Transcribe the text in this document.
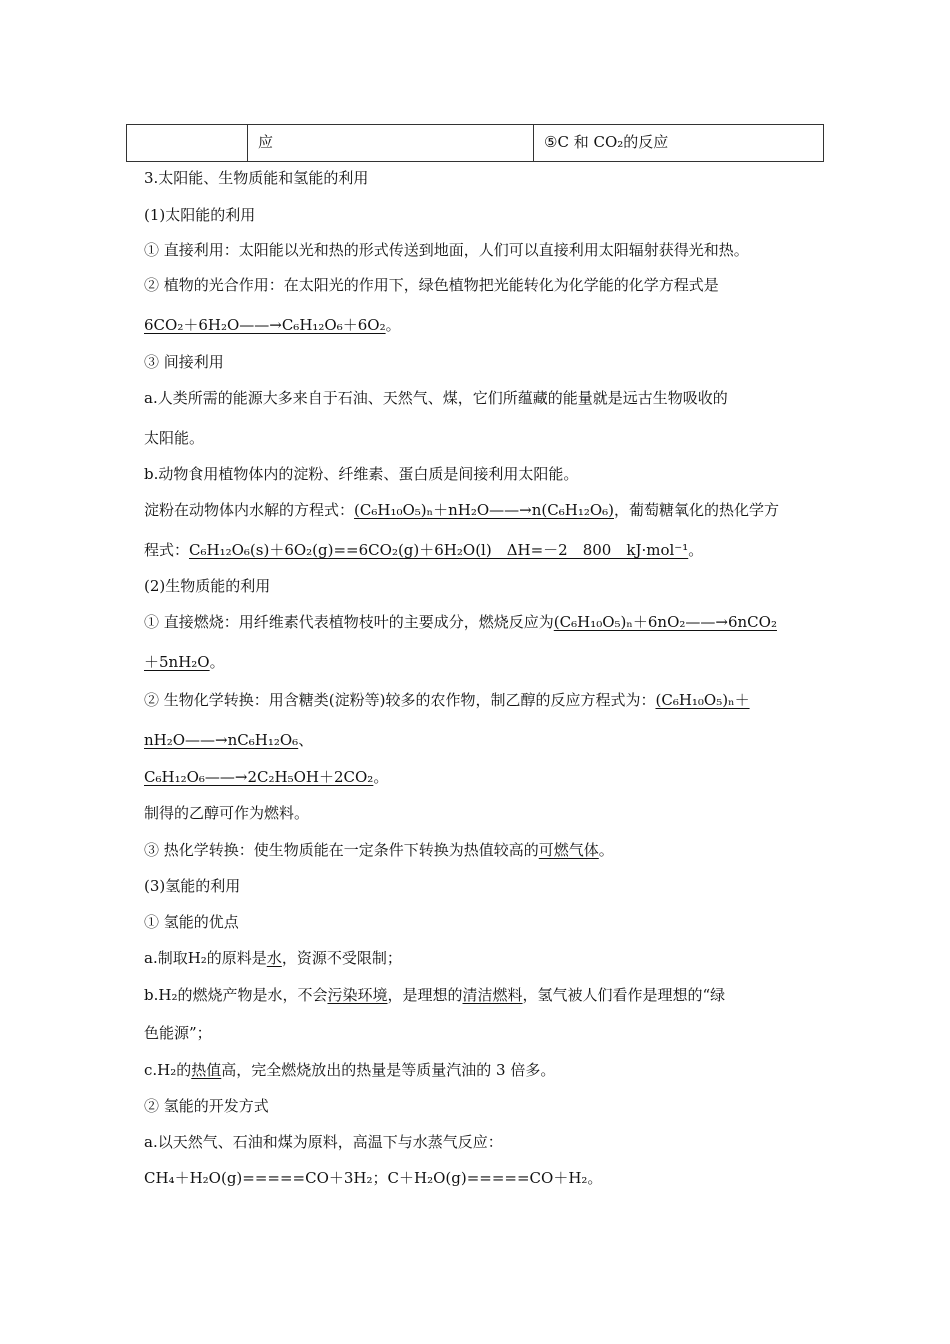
	应	⑤C 和 CO₂的反应
3.太阳能、生物质能和氢能的利用
(1)太阳能的利用
① 直接利用：太阳能以光和热的形式传送到地面，人们可以直接利用太阳辐射获得光和热。
② 植物的光合作用：在太阳光的作用下，绿色植物把光能转化为化学能的化学方程式是
6CO₂＋6H₂O——→C₆H₁₂O₆＋6O₂。
③ 间接利用
a.人类所需的能源大多来自于石油、天然气、煤，它们所蕴藏的能量就是远古生物吸收的
太阳能。
b.动物食用植物体内的淀粉、纤维素、蛋白质是间接利用太阳能。
淀粉在动物体内水解的方程式：(C₆H₁₀O₅)ₙ＋nH₂O——→n(C₆H₁₂O₆)，葡萄糖氧化的热化学方
程式：C₆H₁₂O₆(s)＋6O₂(g)==6CO₂(g)＋6H₂O(l)　ΔH=－2　800　kJ·mol⁻¹。
(2)生物质能的利用
① 直接燃烧：用纤维素代表植物枝叶的主要成分，燃烧反应为(C₆H₁₀O₅)ₙ＋6nO₂——→6nCO₂
＋5nH₂O。
② 生物化学转换：用含糖类(淀粉等)较多的农作物，制乙醇的反应方程式为：(C₆H₁₀O₅)ₙ＋
nH₂O——→nC₆H₁₂O₆、
C₆H₁₂O₆——→2C₂H₅OH＋2CO₂。
制得的乙醇可作为燃料。
③ 热化学转换：使生物质能在一定条件下转换为热值较高的可燃气体。
(3)氢能的利用
① 氢能的优点
a.制取H₂的原料是水，资源不受限制；
b.H₂的燃烧产物是水，不会污染环境，是理想的清洁燃料，氢气被人们看作是理想的“绿
色能源”；
c.H₂的热值高，完全燃烧放出的热量是等质量汽油的 3 倍多。
② 氢能的开发方式
a.以天然气、石油和煤为原料，高温下与水蒸气反应：
CH₄＋H₂O(g)=====CO＋3H₂；C＋H₂O(g)=====CO＋H₂。
